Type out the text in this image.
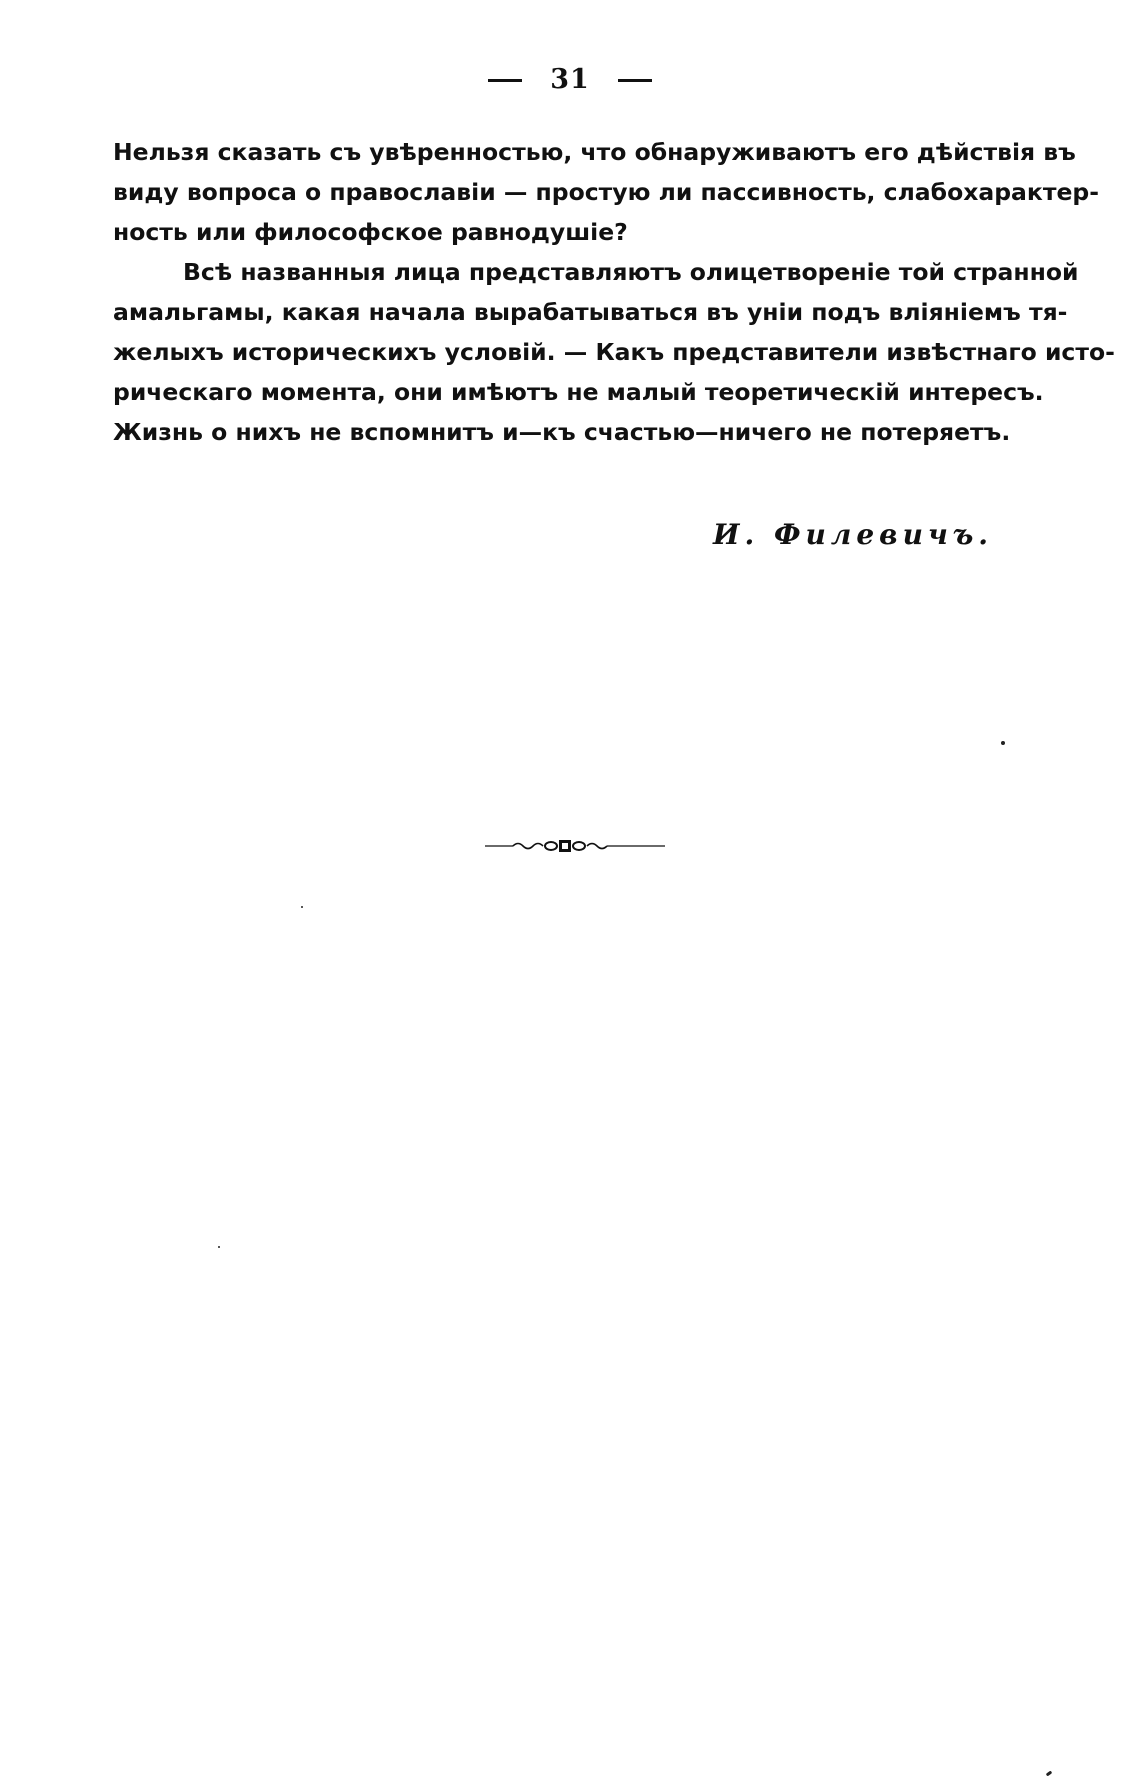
31

Нельзя сказать съ увѣренностью, что обнаруживаютъ его дѣйствія въ
виду вопроса о православіи — простую ли пассивность, слабохарактер-
ность или философское равнодушіе?

Всѣ названныя лица представляютъ олицетвореніе той странной
амальгамы, какая начала вырабатываться въ уніи подъ вліяніемъ тя-
желыхъ историческихъ условій. — Какъ представители извѣстнаго исто-
рическаго момента, они имѣютъ не малый теоретическій интересъ.
Жизнь о нихъ не вспомнитъ и—къ счастью—ничего не потеряетъ.

И. Филевичъ.
